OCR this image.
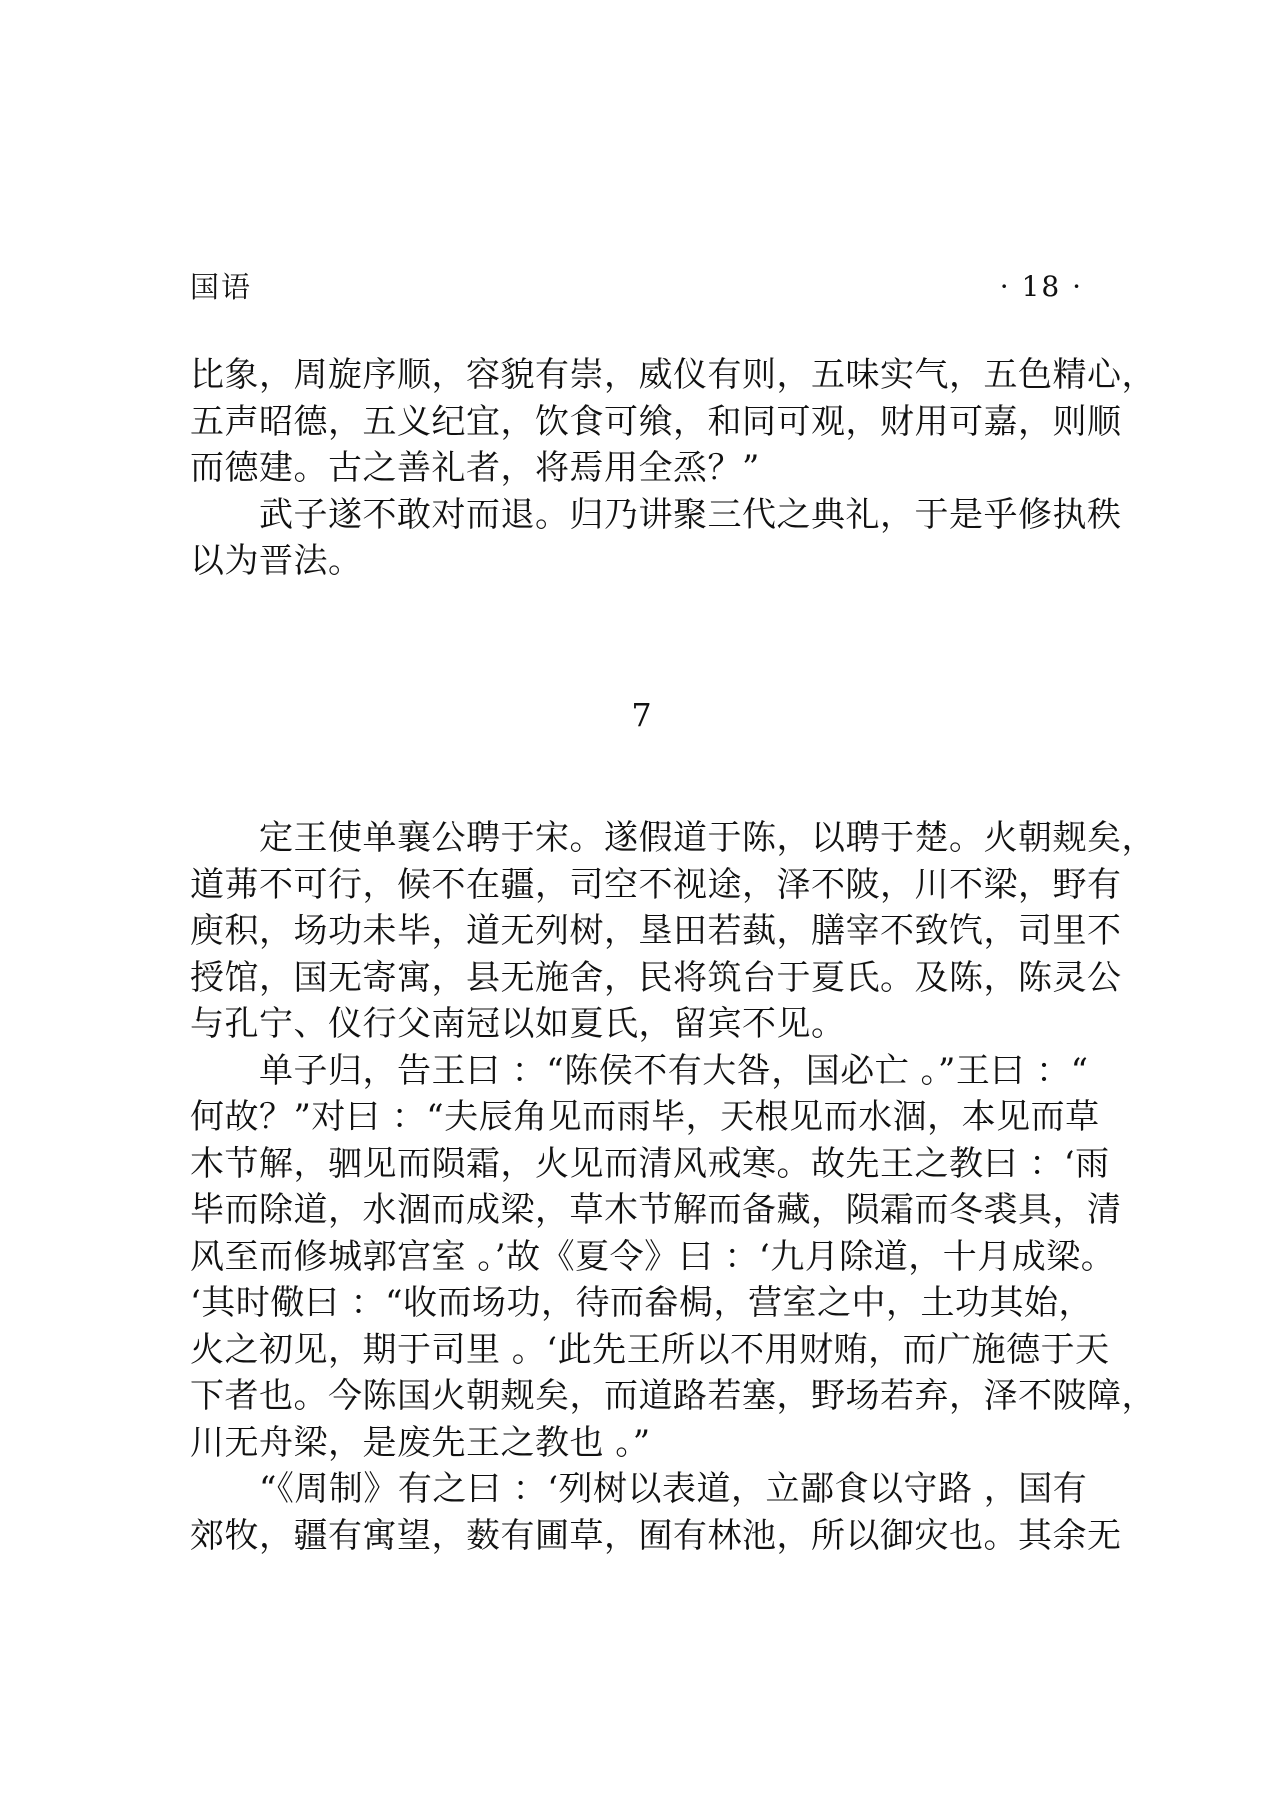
国语	· 18 ·

比象，周旋序顺，容貌有崇，威仪有则，五味实气，五色精心，

五声昭德，五义纪宜，饮食可飨，和同可观，财用可嘉，则顺

而德建。古之善礼者，将焉用全烝？”

　　武子遂不敢对而退。归乃讲聚三代之典礼，于是乎修执秩

以为晋法。

7

　　定王使单襄公聘于宋。遂假道于陈，以聘于楚。火朝觌矣，

道茀不可行，候不在疆，司空不视途，泽不陂，川不梁，野有

庾积，场功未毕，道无列树，垦田若蓺，膳宰不致饩，司里不

授馆，国无寄寓，县无施舍，民将筑台于夏氏。及陈，陈灵公

与孔宁、仪行父南冠以如夏氏，留宾不见。

　　单子归，告王曰 ：“陈侯不有大咎，国必亡 。”王曰 ：“

何故？”对曰 ：“夫辰角见而雨毕，天根见而水涸，本见而草

木节解，驷见而陨霜，火见而清风戒寒。故先王之教曰 ：‘雨

毕而除道，水涸而成梁，草木节解而备藏，陨霜而冬裘具，清

风至而修城郭宫室 。’故《夏令》曰 ：‘九月除道，十月成梁。

‘其时儆曰 ：“收而场功，待而畚梮，营室之中，土功其始，

火之初见，期于司里 。‘此先王所以不用财贿，而广施德于天

下者也。今陈国火朝觌矣，而道路若塞，野场若弃，泽不陂障，

川无舟梁，是废先王之教也 。”

　　“《周制》有之曰 ：‘列树以表道，立鄙食以守路 ，国有

郊牧，疆有寓望，薮有圃草，囿有林池，所以御灾也。其余无
